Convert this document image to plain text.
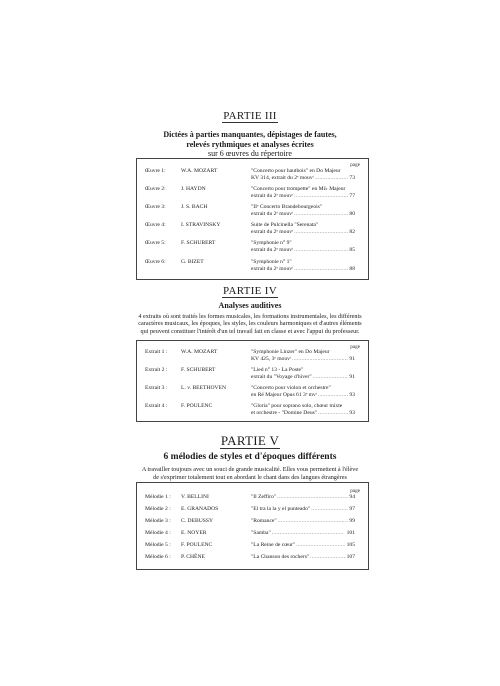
PARTIE III

Dictées à parties manquantes, dépistages de fautes,

relevés rythmiques et analyses écrites

sur 6 œuvres du répertoire

page
Œuvre 1:	W.A. MOZART	"Concerto pour hautbois" en Do Majeur
KV 314, extrait du 2ᵉ mouvᵗ . . .	73
Œuvre 2:	J. HAYDN	"Concerto pour trompette" en Mi♭ Majeur
extrait du 2ᵉ mouvᵗ . . .	77
Œuvre 3:	J. S. BACH	"IIᵉ Concerto Brandebourgeois"
extrait du 2ᵉ mouvᵗ . . .	80
Œuvre 4:	I. STRAVINSKY	Suite de Pulcinella "Serenata"
extrait du 2ᵉ mouvᵗ . . .	82
Œuvre 5:	F. SCHUBERT	"Symphonie n° 9"
extrait du 2ᵉ mouvᵗ . . .	85
Œuvre 6:	G. BIZET	"Symphonie n° 1"
extrait du 2ᵉ mouvᵗ . . .	88

PARTIE IV

Analyses auditives

4 extraits où sont traités les formes musicales, les formations instrumentales, les différents

caractères musicaux, les époques, les styles, les couleurs harmoniques et d'autres éléments

qui peuvent constituer l'intérêt d'un tel travail fait en classe et avec l'appui du professeur.

page
Extrait 1 : W.A. MOZART	"Symphonie Linzer" en Do Majeur
KV 425, 3ᵉ mouvᵗ . . .	91
Extrait 2 : F. SCHUBERT	"Lied n° 13 - La Poste"
extrait du "Voyage d'hiver" . . .	91
Extrait 3 : L. v. BEETHOVEN	"Concerto pour violon et orchestre"
en Ré Majeur Opus 61 3ᵉ mvᵗ . . .	93
Extrait 4 : F. POULENC	"Gloria" pour soprano solo, chœur mixte
et orchestre - "Domine Deus" . . .	93

PARTIE V

6 mélodies de styles et d'époques différents

A travailler toujours avec un souci de grande musicalité. Elles vous permettent à l'élève

de s'exprimer totalement tout en abordant le chant dans des langues étrangères

page
Mélodie 1 : V. BELLINI	"Il Zeffiro" . . .	94
Mélodie 2 : E. GRANADOS	"El tra la la y el punteado" . . .	97
Mélodie 3 : C. DEBUSSY	"Romance" . . .	99
Mélodie 4 : E. NOYER	"Samba" . . .	101
Mélodie 5 : F. POULENC	"La Reine de cœur" . . .	105
Mélodie 6 : P. CHÊNE	"La Chanson des rochers" . . .	107
